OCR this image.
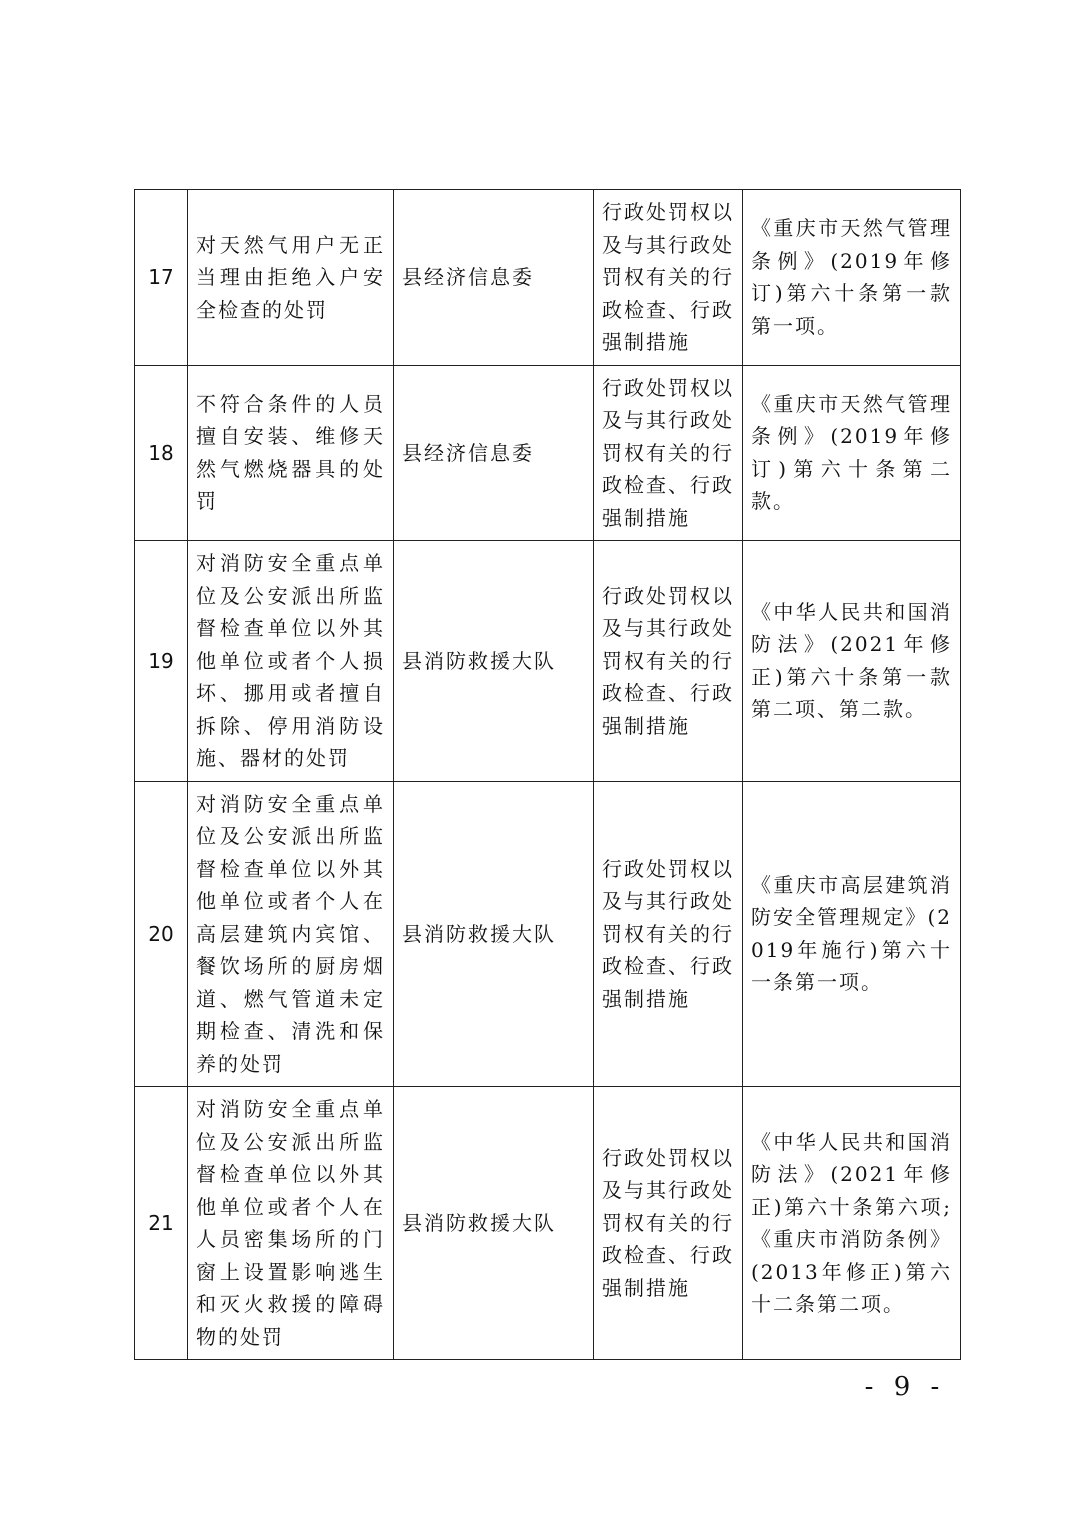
17	对天然气用户无正当理由拒绝入户安全检查的处罚	县经济信息委	行政处罚权以及与其行政处罚权有关的行政检查、行政强制措施	《重庆市天然气管理条例》(2019年修订)第六十条第一款第一项。
18	不符合条件的人员擅自安装、维修天然气燃烧器具的处罚	县经济信息委	行政处罚权以及与其行政处罚权有关的行政检查、行政强制措施	《重庆市天然气管理条例》(2019年修订)第六十条第二款。
19	对消防安全重点单位及公安派出所监督检查单位以外其他单位或者个人损坏、挪用或者擅自拆除、停用消防设施、器材的处罚	县消防救援大队	行政处罚权以及与其行政处罚权有关的行政检查、行政强制措施	《中华人民共和国消防法》(2021年修正)第六十条第一款第二项、第二款。
20	对消防安全重点单位及公安派出所监督检查单位以外其他单位或者个人在高层建筑内宾馆、餐饮场所的厨房烟道、燃气管道未定期检查、清洗和保养的处罚	县消防救援大队	行政处罚权以及与其行政处罚权有关的行政检查、行政强制措施	《重庆市高层建筑消防安全管理规定》(2019年施行)第六十一条第一项。
21	对消防安全重点单位及公安派出所监督检查单位以外其他单位或者个人在人员密集场所的门窗上设置影响逃生和灭火救援的障碍物的处罚	县消防救援大队	行政处罚权以及与其行政处罚权有关的行政检查、行政强制措施	《中华人民共和国消防法》(2021年修正)第六十条第六项;《重庆市消防条例》(2013年修正)第六十二条第二项。
- 9 -
